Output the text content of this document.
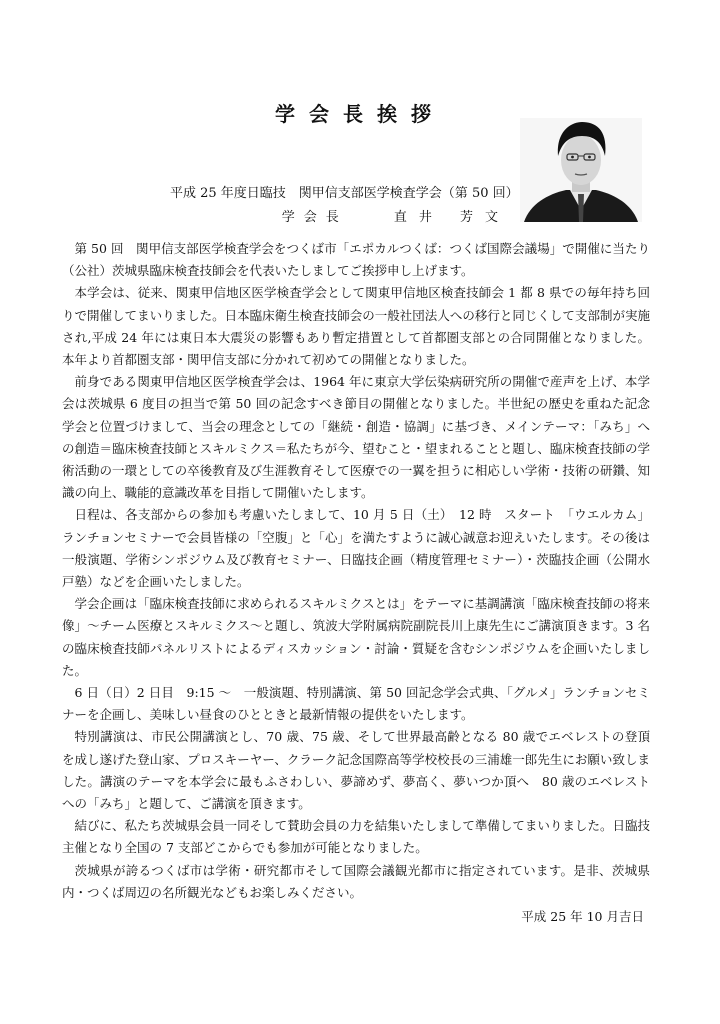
学会長挨拶
平成 25 年度日臨技　関甲信支部医学検査学会（第 50 回）
学会長	直井 芳文

第 50 回　関甲信支部医学検査学会をつくば市「エポカルつくば：つくば国際会議場」で開催に当たり（公社）茨城県臨床検査技師会を代表いたしましてご挨拶申し上げます。

本学会は、従来、関東甲信地区医学検査学会として関東甲信地区検査技師会 1 都 8 県での毎年持ち回りで開催してまいりました。日本臨床衛生検査技師会の一般社団法人への移行と同じくして支部制が実施され,平成 24 年には東日本大震災の影響もあり暫定措置として首都圏支部との合同開催となりました。本年より首都圏支部・関甲信支部に分かれて初めての開催となりました。

前身である関東甲信地区医学検査学会は、1964 年に東京大学伝染病研究所の開催で産声を上げ、本学会は茨城県 6 度目の担当で第 50 回の記念すべき節目の開催となりました。半世紀の歴史を重ねた記念学会と位置づけまして、当会の理念としての「継続・創造・協調」に基づき、メインテーマ：「みち」への創造＝臨床検査技師とスキルミクス＝私たちが今、望むこと・望まれることと題し、臨床検査技師の学術活動の一環としての卒後教育及び生涯教育そして医療での一翼を担うに相応しい学術・技術の研鑽、知識の向上、職能的意識改革を目指して開催いたします。

日程は、各支部からの参加も考慮いたしまして、10 月 5 日（土）　12 時　スタート　「ウエルカム」ランチョンセミナーで会員皆様の「空腹」と「心」を満たすように誠心誠意お迎えいたします。その後は一般演題、学術シンポジウム及び教育セミナー、日臨技企画（精度管理セミナー）・茨臨技企画（公開水戸塾）などを企画いたしました。

学会企画は「臨床検査技師に求められるスキルミクスとは」をテーマに基調講演「臨床検査技師の将来像」～チーム医療とスキルミクス～と題し、筑波大学附属病院副院長川上康先生にご講演頂きます。3 名の臨床検査技師パネルリストによるディスカッション・討論・質疑を含むシンポジウムを企画いたしました。

6 日（日）2 日目　9:15 ～　一般演題、特別講演、第 50 回記念学会式典、「グルメ」ランチョンセミナーを企画し、美味しい昼食のひとときと最新情報の提供をいたします。

特別講演は、市民公開講演とし、70 歳、75 歳、そして世界最高齢となる 80 歳でエベレストの登頂を成し遂げた登山家、プロスキーヤー、クラーク記念国際高等学校校長の三浦雄一郎先生にお願い致しました。講演のテーマを本学会に最もふさわしい、夢諦めず、夢高く、夢いつか頂へ　80 歳のエベレストへの「みち」と題して、ご講演を頂きます。

結びに、私たち茨城県会員一同そして賛助会員の力を結集いたしまして準備してまいりました。日臨技主催となり全国の 7 支部どこからでも参加が可能となりました。

茨城県が誇るつくば市は学術・研究都市そして国際会議観光都市に指定されています。是非、茨城県内・つくば周辺の名所観光などもお楽しみください。

平成 25 年 10 月吉日
